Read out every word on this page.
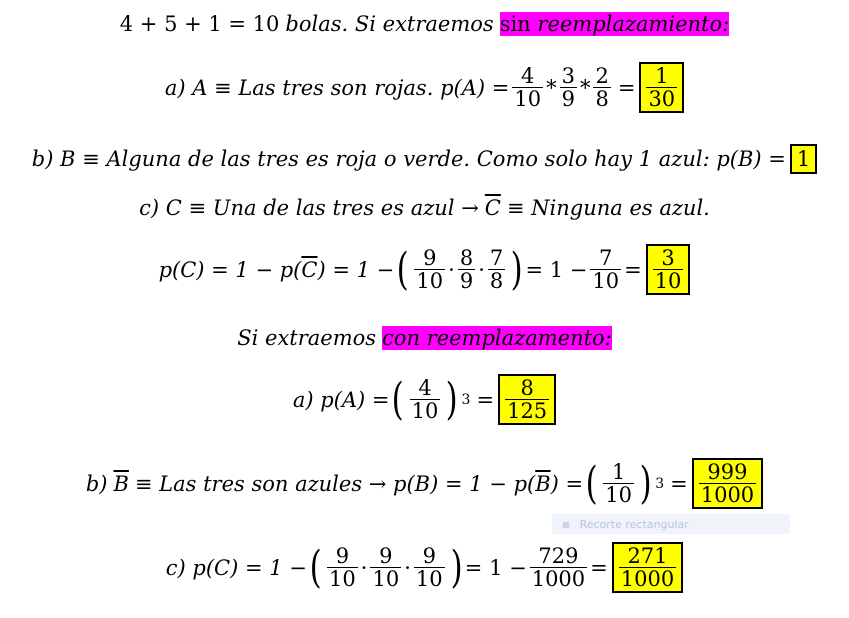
4 + 5 + 1 = 10 bolas. Si extraemos sin reemplazamiento:
a) A ≡ Las tres son rojas. $p(A) = \frac{4}{10} * \frac{3}{9} * \frac{2}{8} = \frac{1}{30}$
b) B ≡ Alguna de las tres es roja o verde. Como solo hay 1 azul: p(B) = 1
c) C ≡ Una de las tres es azul → $\overline{C}$ ≡ Ninguna es azul.
p(C) = 1 − p( $\overline{C}$ ) = 1 − ( $\frac{9}{10} \cdot \frac{8}{9} \cdot \frac{7}{8}$ ) = $1 - \frac{7}{10} = \frac{3}{10}$
Si extraemos con reemplazamento:
a) p(A) = ( $\frac{4}{10}$ ) $3 = \frac{8}{125}$
b) $\overline{B}$ ≡ Las tres son azules → p(B) = 1 − p( $\overline{B}$ ) = ( $\frac{1}{10}$ ) $3 = \frac{999}{1000}$
■ Recorte rectangular
c) p(C) = 1 − ( $\frac{9}{10} \cdot \frac{9}{10} \cdot \frac{9}{10}$ ) = $1 - \frac{729}{1000} = \frac{271}{1000}$
